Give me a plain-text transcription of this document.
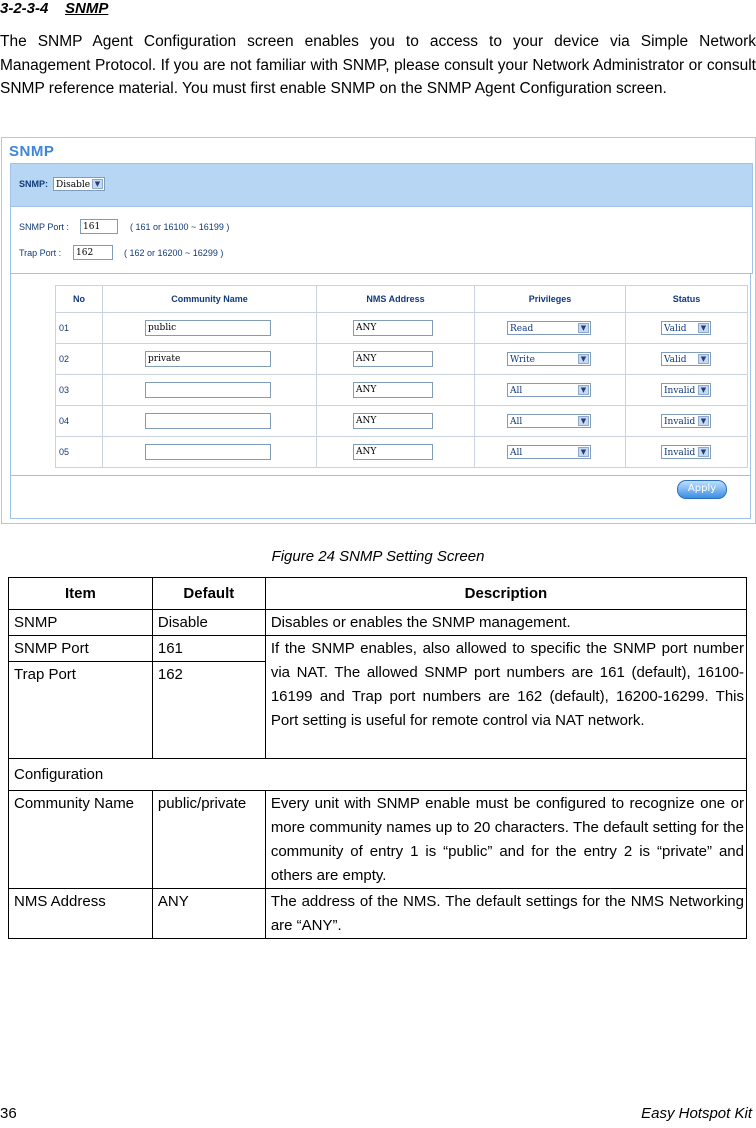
3-2-3-4 SNMP
The SNMP Agent Configuration screen enables you to access to your device via Simple Network Management Protocol. If you are not familiar with SNMP, please consult your Network Administrator or consult SNMP reference material. You must first enable SNMP on the SNMP Agent Configuration screen.
SNMP
SNMP: Disable ▼
SNMP Port :	161	( 161 or 16100 ~ 16199 )
Trap Port :	162	( 162 or 16200 ~ 16299 )
No	Community Name	NMS Address	Privileges	Status
01	public	ANY	Read ▼	Valid ▼

02	private	ANY	Write ▼	Valid ▼

03		ANY	All ▼	Invalid ▼

04		ANY	All ▼	Invalid ▼

05		ANY	All ▼	Invalid ▼
Apply
Figure 24 SNMP Setting Screen
Item	Default	Description
SNMP	Disable	Disables or enables the SNMP management.
SNMP Port	161	If the SNMP enables, also allowed to specific the SNMP port number via NAT. The allowed SNMP port numbers are 161 (default), 16100-16199 and Trap port numbers are 162 (default), 16200-16299. This Port setting is useful for remote control via NAT network.
Trap Port	162	
Configuration		
Community Name	public/private	Every unit with SNMP enable must be configured to recognize one or more community names up to 20 characters. The default setting for the community of entry 1 is “public” and for the entry 2 is “private” and others are empty.
NMS Address	ANY	The address of the NMS. The default settings for the NMS Networking are “ANY”.
36	Easy Hotspot Kit
